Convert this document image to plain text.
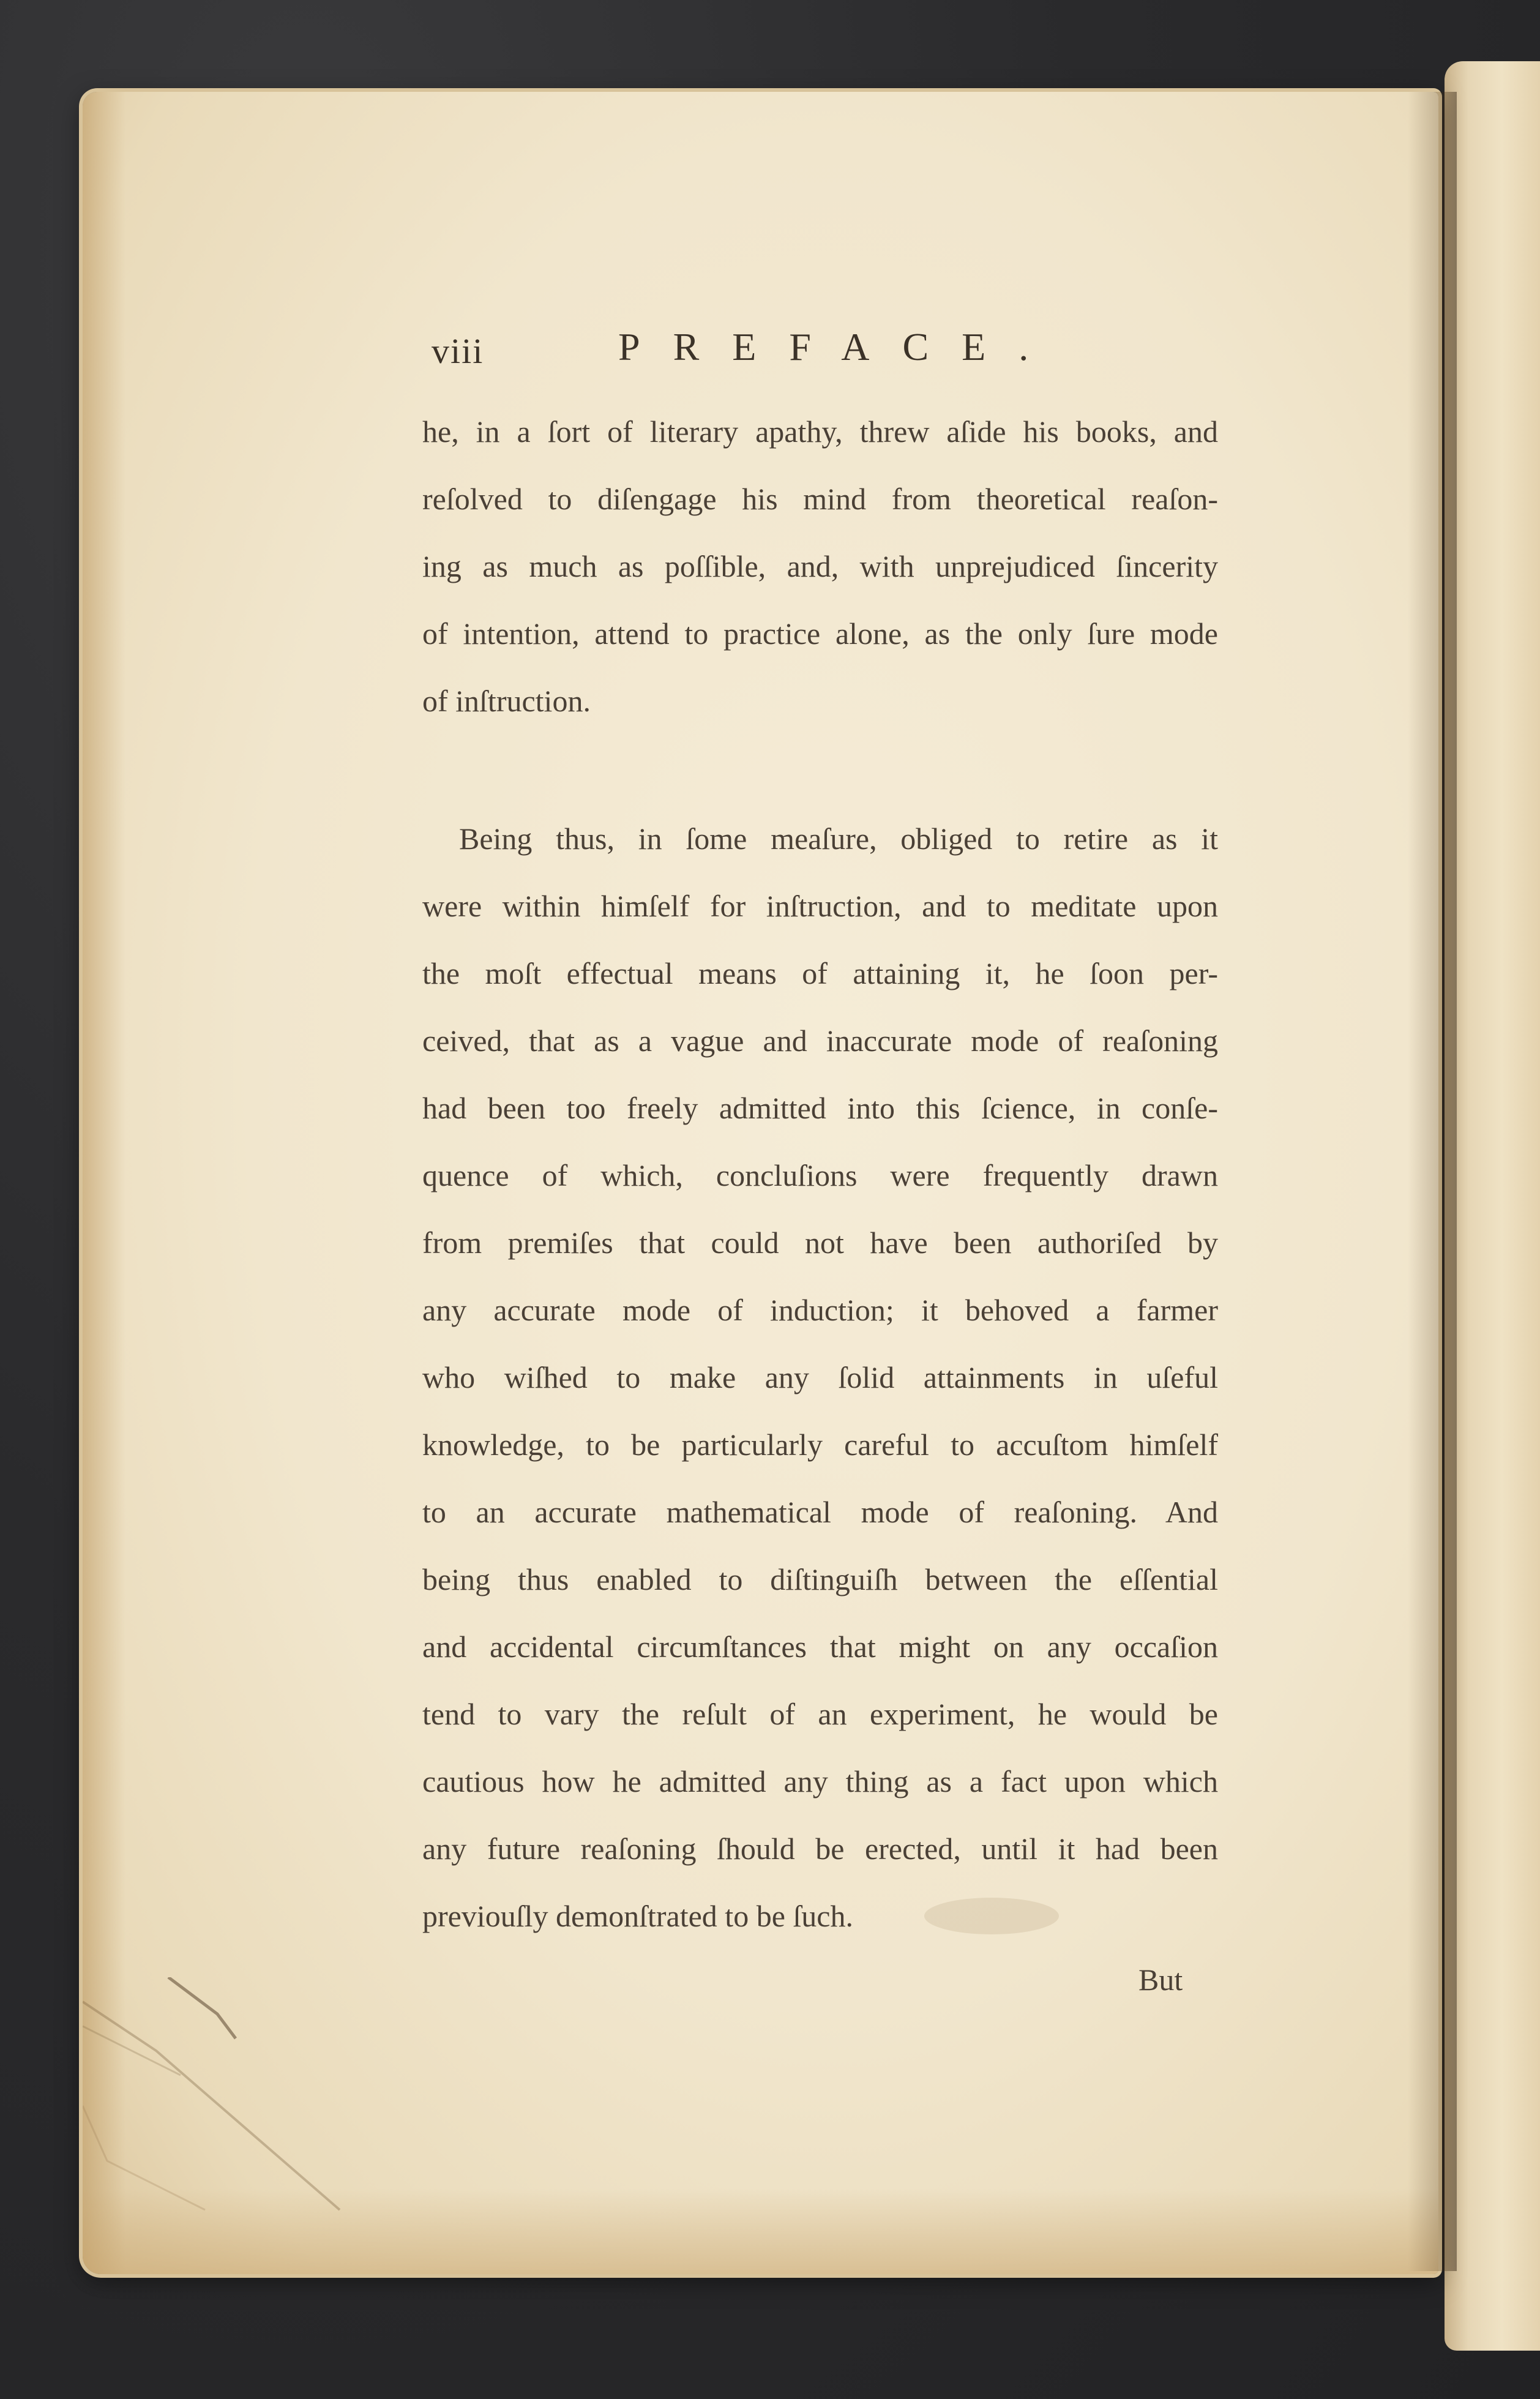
viii	PREFACE.
he, in a ſort of literary apathy, threw aſide his books, and
reſolved to diſengage his mind from theoretical reaſon-
ing as much as poſſible, and, with unprejudiced ſincerity
of intention, attend to practice alone, as the only ſure mode
of inſtruction.
Being thus, in ſome meaſure, obliged to retire as it
were within himſelf for inſtruction, and to meditate upon
the moſt effectual means of attaining it, he ſoon per-
ceived, that as a vague and inaccurate mode of reaſoning
had been too freely admitted into this ſcience, in conſe-
quence of which, concluſions were frequently drawn
from premiſes that could not have been authoriſed by
any accurate mode of induction; it behoved a farmer
who wiſhed to make any ſolid attainments in uſeful
knowledge, to be particularly careful to accuſtom himſelf
to an accurate mathematical mode of reaſoning. And
being thus enabled to diſtinguiſh between the eſſential
and accidental circumſtances that might on any occaſion
tend to vary the reſult of an experiment, he would be
cautious how he admitted any thing as a fact upon which
any future reaſoning ſhould be erected, until it had been
previouſly demonſtrated to be ſuch.
But
